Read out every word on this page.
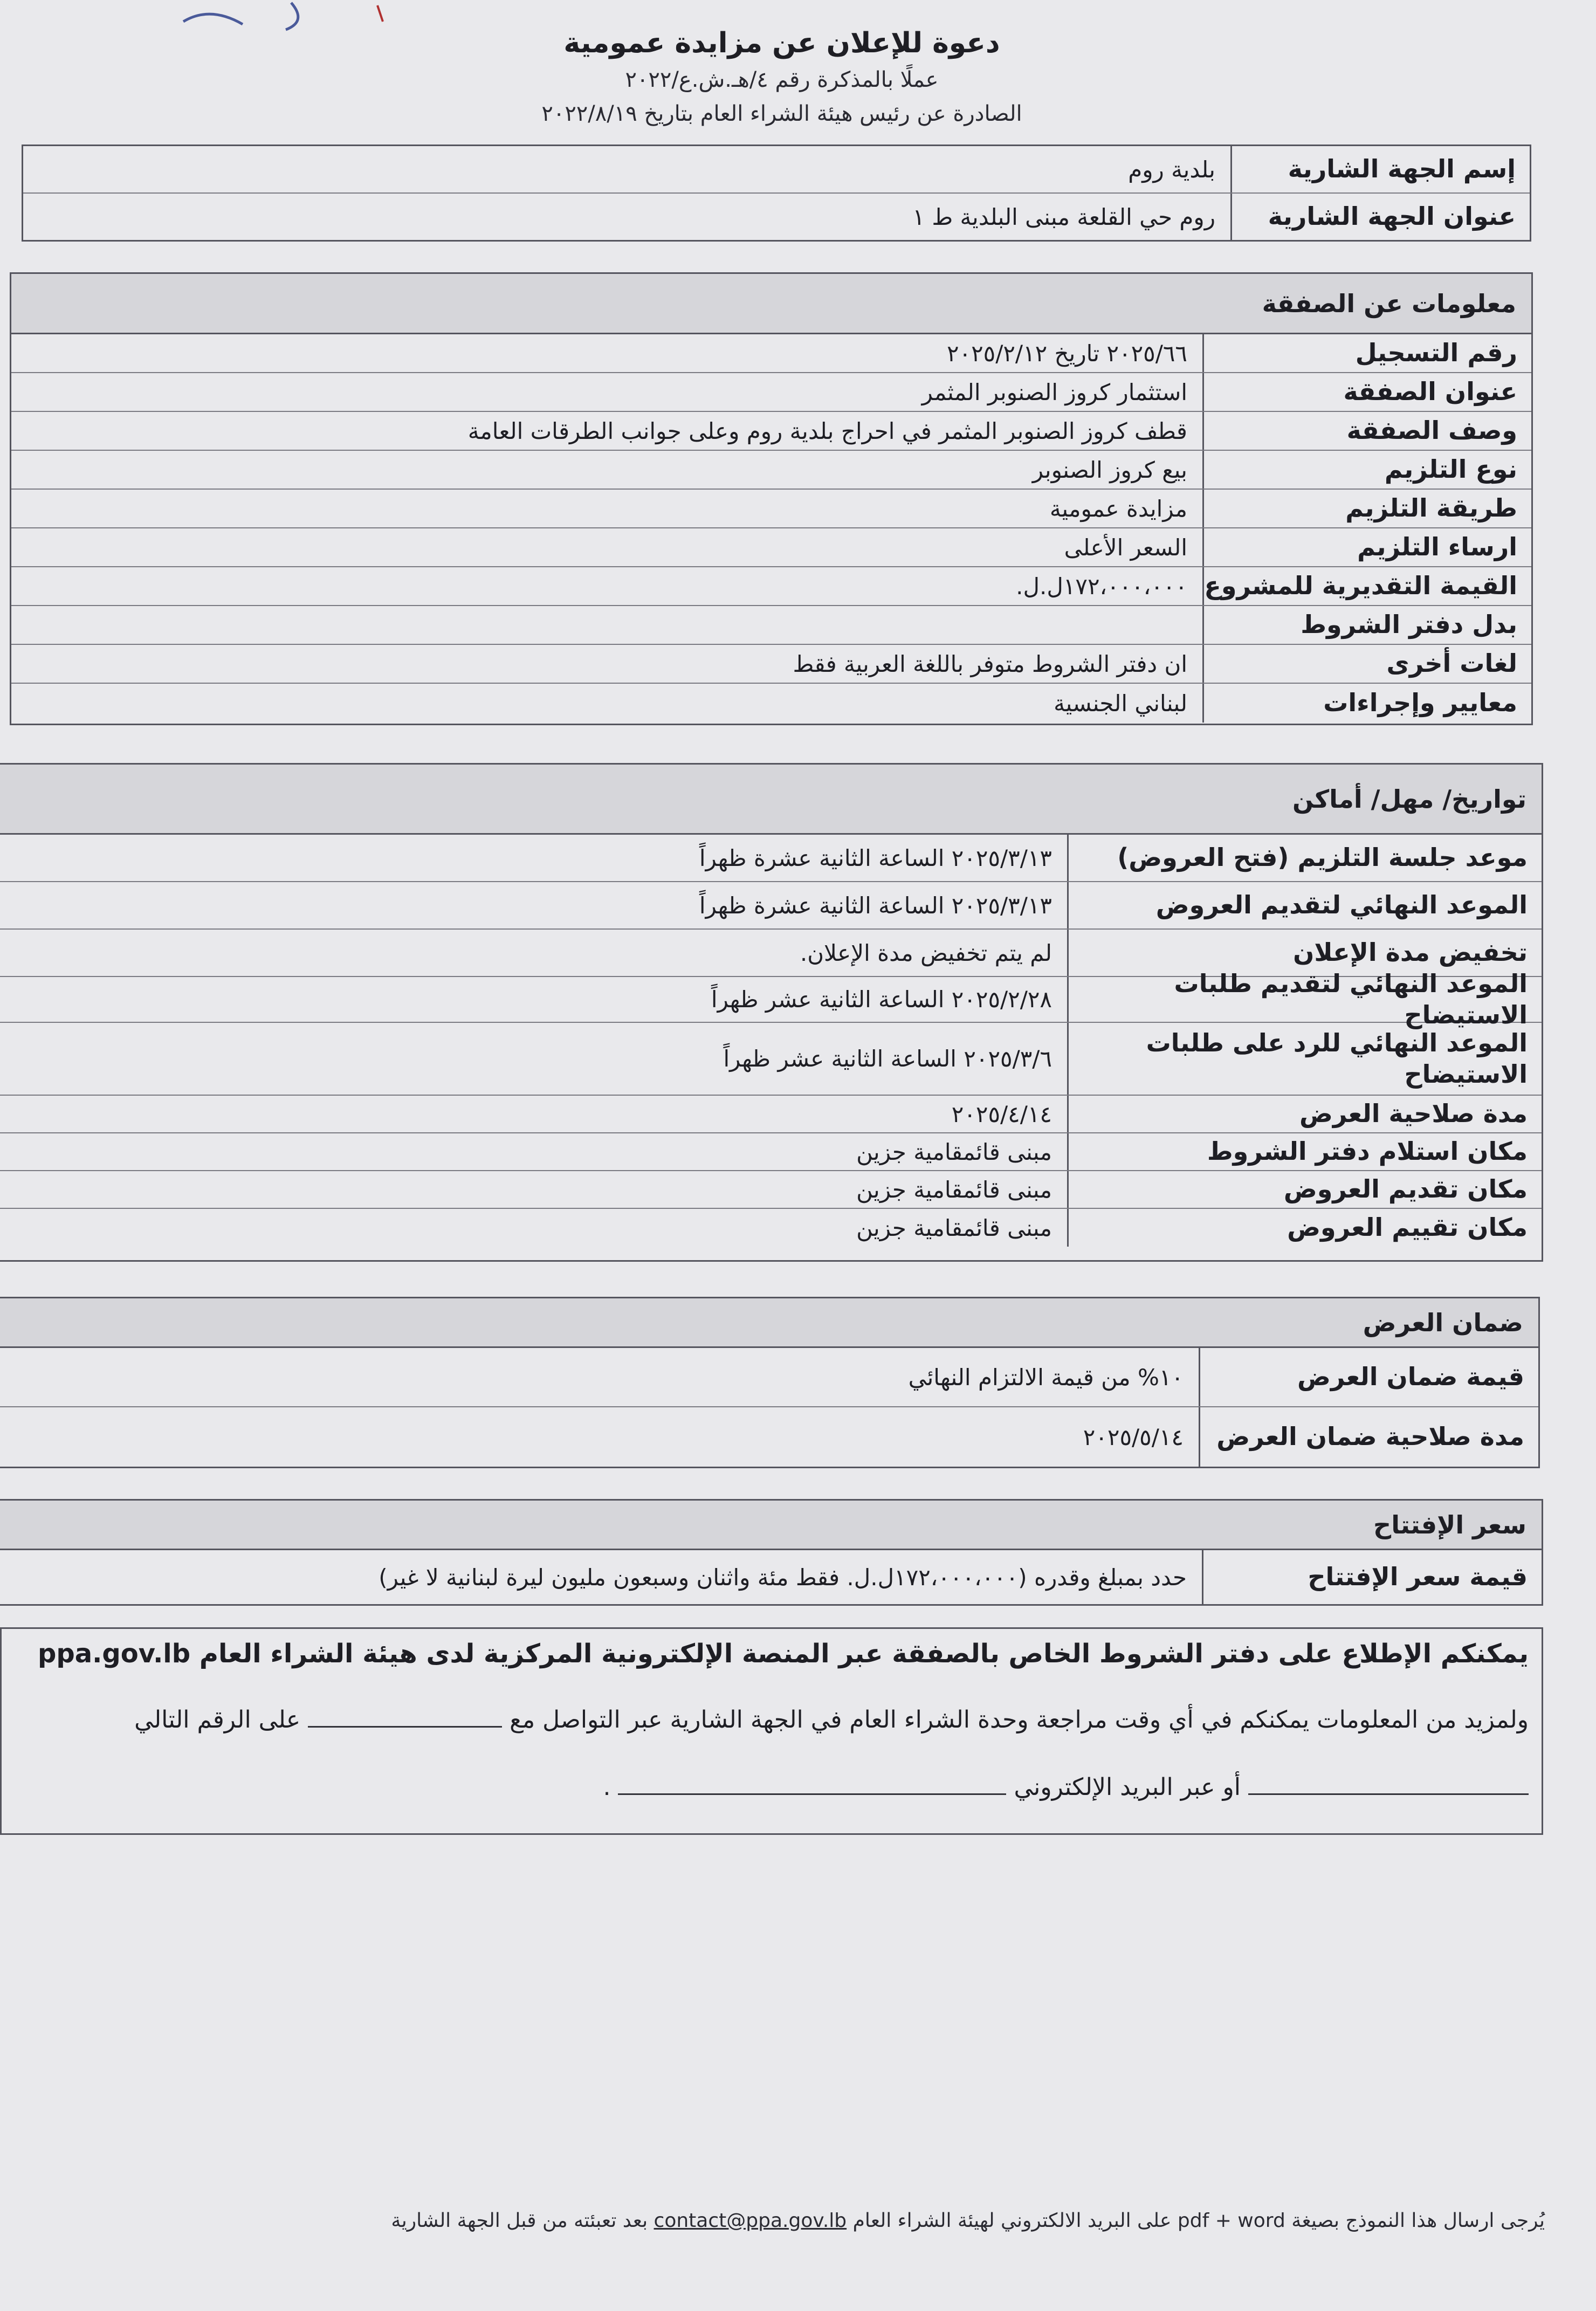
دعوة للإعلان عن مزايدة عمومية
عملًا بالمذكرة رقم ٤/هـ.ش.ع/٢٠٢٢
الصادرة عن رئيس هيئة الشراء العام بتاريخ ٢٠٢٢/٨/١٩
إسم الجهة الشارية
بلدية روم
عنوان الجهة الشارية
روم حي القلعة مبنى البلدية ط ١
معلومات عن الصفقة
رقم التسجيل
٢٠٢٥/٦٦ تاريخ ٢٠٢٥/٢/١٢
عنوان الصفقة
استثمار كروز الصنوبر المثمر
وصف الصفقة
قطف كروز الصنوبر المثمر في احراج بلدية روم وعلى جوانب الطرقات العامة
نوع التلزيم
بيع كروز الصنوبر
طريقة التلزيم
مزايدة عمومية
ارساء التلزيم
السعر الأعلى
القيمة التقديرية للمشروع
١٧٢،٠٠٠،٠٠٠ل.ل.
بدل دفتر الشروط
لغات أخرى
ان دفتر الشروط متوفر باللغة العربية فقط
معايير وإجراءات
لبناني الجنسية
تواريخ/ مهل/ أماكن
موعد جلسة التلزيم (فتح العروض)
٢٠٢٥/٣/١٣ الساعة الثانية عشرة ظهراً
الموعد النهائي لتقديم العروض
٢٠٢٥/٣/١٣ الساعة الثانية عشرة ظهراً
تخفيض مدة الإعلان
لم يتم تخفيض مدة الإعلان.
الموعد النهائي لتقديم طلبات الاستيضاح
٢٠٢٥/٢/٢٨ الساعة الثانية عشر ظهراً
الموعد النهائي للرد على طلبات الاستيضاح
٢٠٢٥/٣/٦ الساعة الثانية عشر ظهراً
مدة صلاحية العرض
٢٠٢٥/٤/١٤
مكان استلام دفتر الشروط
مبنى قائمقامية جزين
مكان تقديم العروض
مبنى قائمقامية جزين
مكان تقييم العروض
مبنى قائمقامية جزين
ضمان العرض
قيمة ضمان العرض
١٠% من قيمة الالتزام النهائي
مدة صلاحية ضمان العرض
٢٠٢٥/٥/١٤
سعر الإفتتاح
قيمة سعر الإفتتاح
حدد بمبلغ وقدره (١٧٢،٠٠٠،٠٠٠ل.ل. فقط مئة واثنان وسبعون مليون ليرة لبنانية لا غير)
يمكنكم الإطلاع على دفتر الشروط الخاص بالصفقة عبر المنصة الإلكترونية المركزية لدى هيئة الشراء العام ppa.gov.lb
ولمزيد من المعلومات يمكنكم في أي وقت مراجعة وحدة الشراء العام في الجهة الشارية عبر التواصل مع  على الرقم التالي
أو عبر البريد الإلكتروني  .
يُرجى ارسال هذا النموذج بصيغة pdf + word على البريد الالكتروني لهيئة الشراء العام contact@ppa.gov.lb بعد تعبئته من قبل الجهة الشارية
